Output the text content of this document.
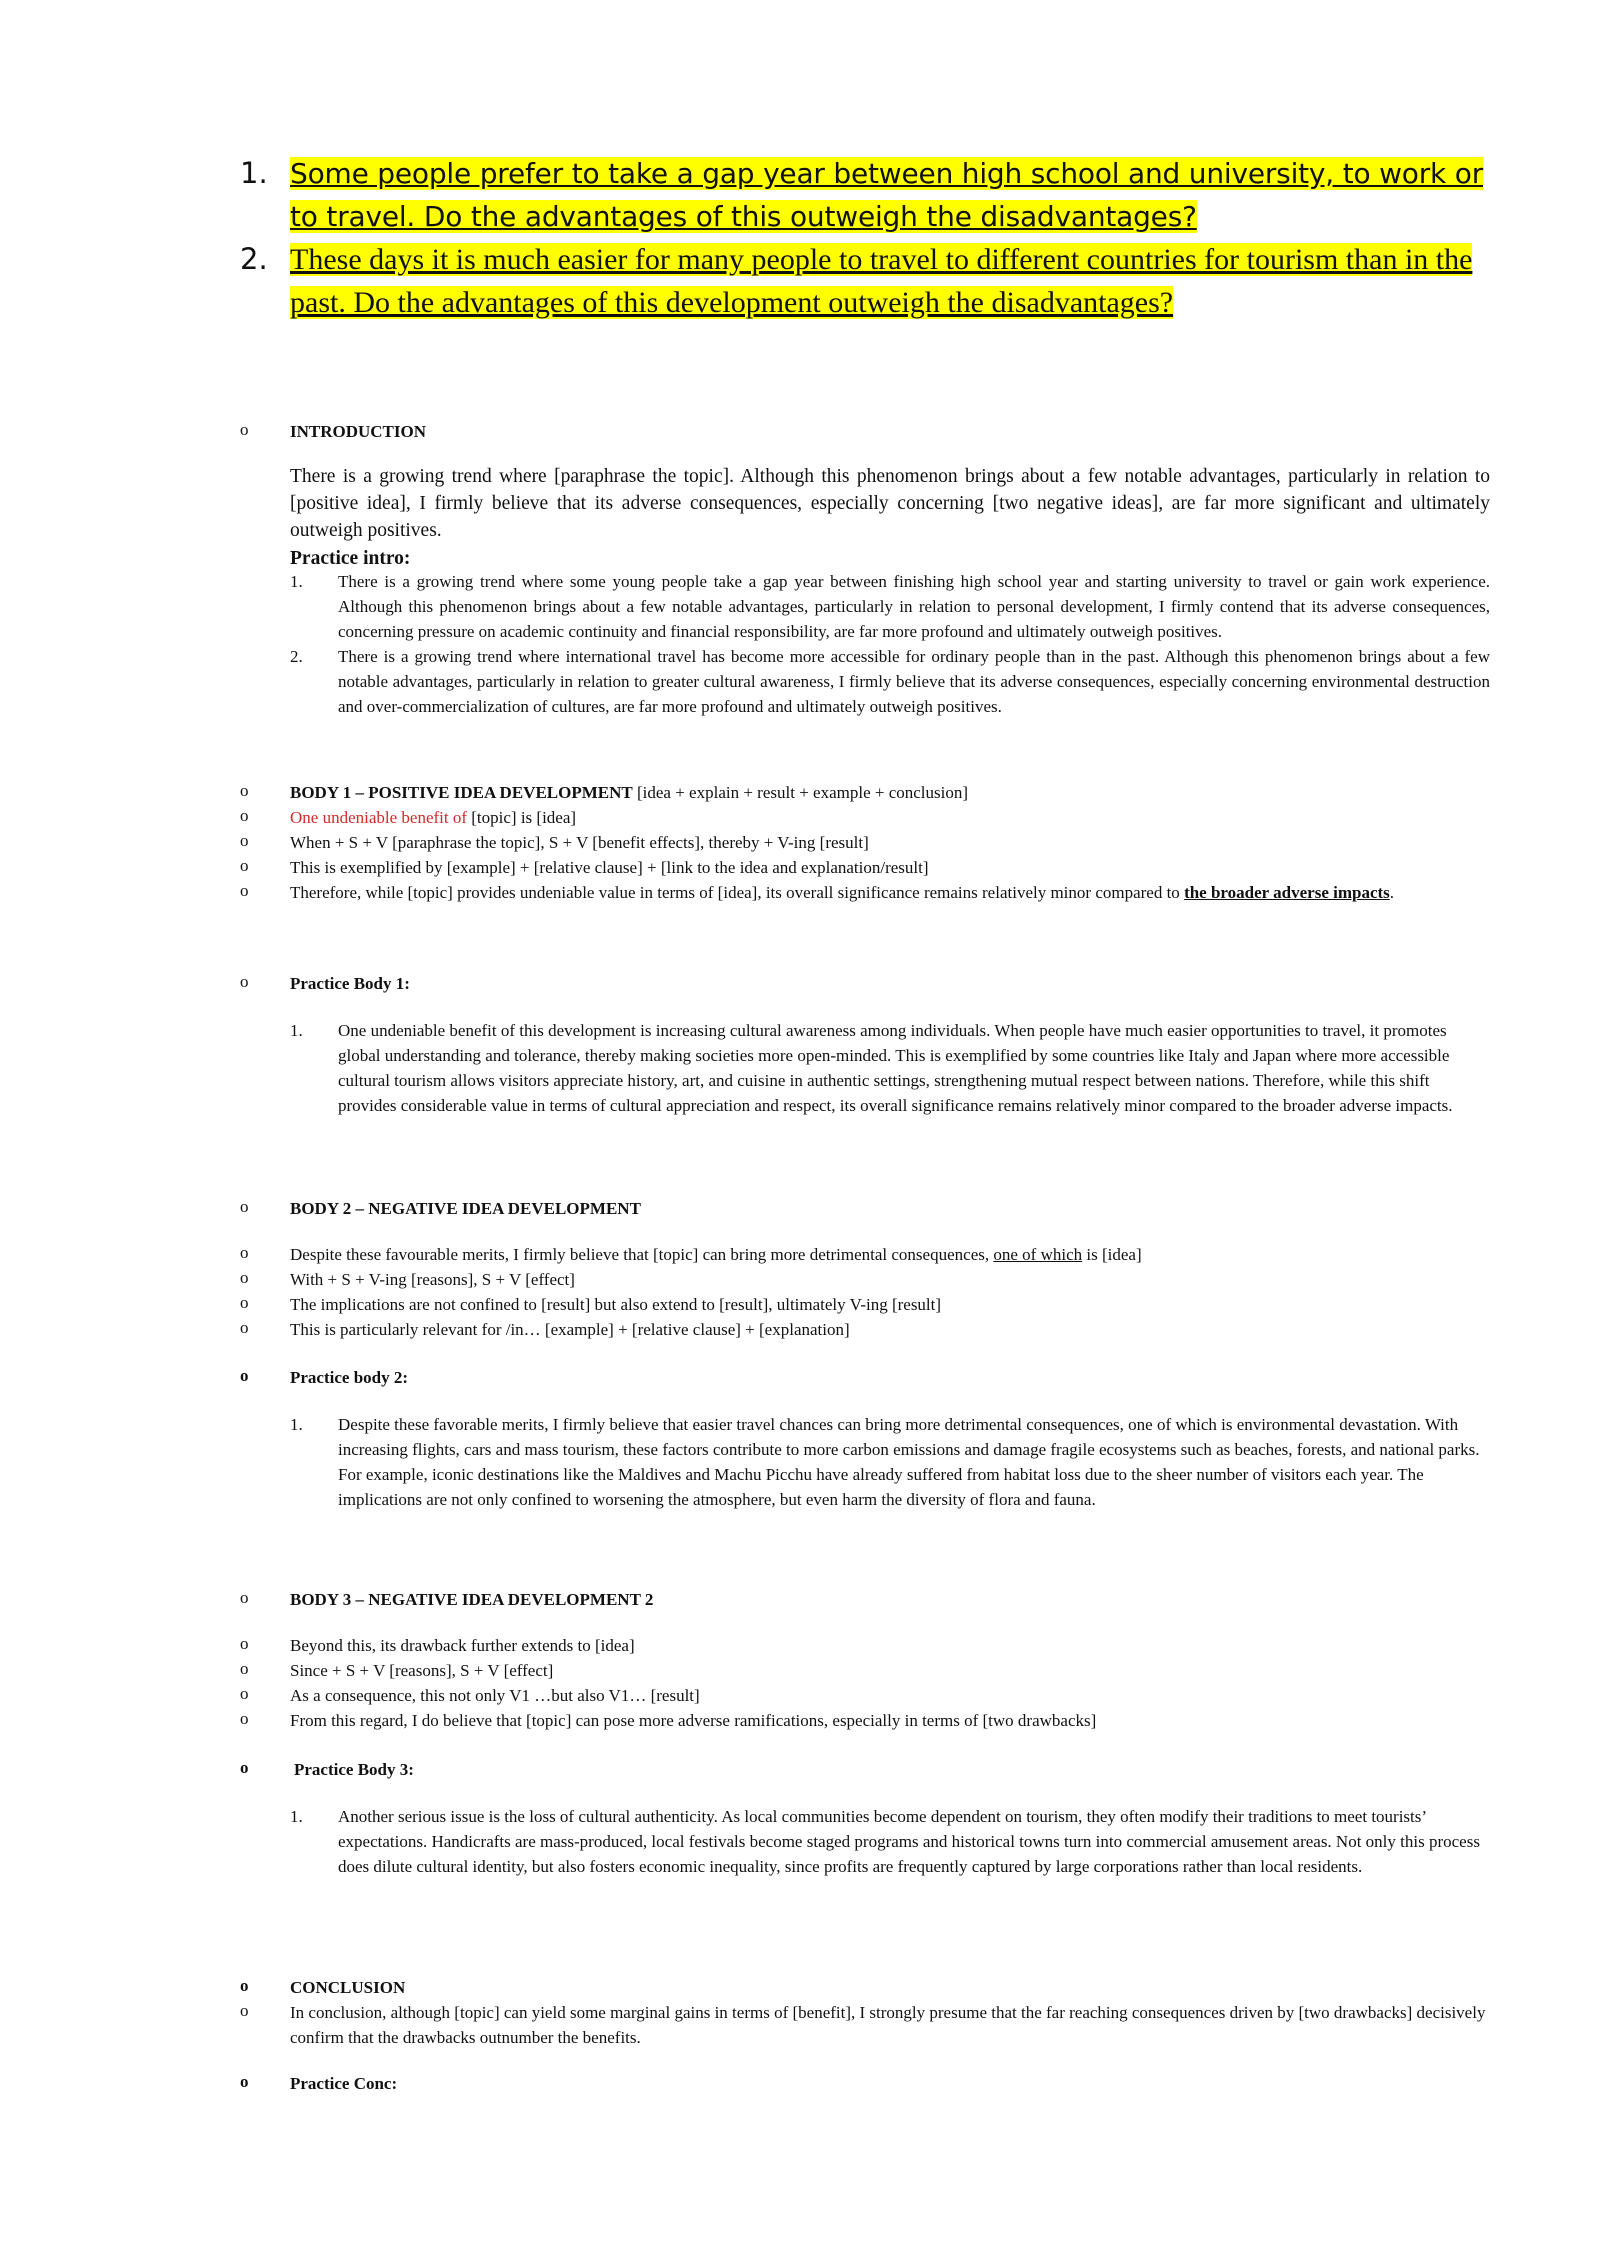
1. Some people prefer to take a gap year between high school and university, to work or to travel. Do the advantages of this outweigh the disadvantages?
2. These days it is much easier for many people to travel to different countries for tourism than in the past. Do the advantages of this development outweigh the disadvantages?
o INTRODUCTION
There is a growing trend where [paraphrase the topic]. Although this phenomenon brings about a few notable advantages, particularly in relation to [positive idea], I firmly believe that its adverse consequences, especially concerning [two negative ideas], are far more significant and ultimately outweigh positives.
Practice intro:
1.	There is a growing trend where some young people take a gap year between finishing high school year and starting university to travel or gain work experience. Although this phenomenon brings about a few notable advantages, particularly in relation to personal development, I firmly contend that its adverse consequences, concerning pressure on academic continuity and financial responsibility, are far more profound and ultimately outweigh positives.
2.	There is a growing trend where international travel has become more accessible for ordinary people than in the past. Although this phenomenon brings about a few notable advantages, particularly in relation to greater cultural awareness, I firmly believe that its adverse consequences, especially concerning environmental destruction and over-commercialization of cultures, are far more profound and ultimately outweigh positives.
o BODY 1 – POSITIVE IDEA DEVELOPMENT [idea + explain + result + example + conclusion]
o One undeniable benefit of [topic] is [idea]
o When + S + V [paraphrase the topic], S + V [benefit effects], thereby + V-ing [result]
o This is exemplified by [example] + [relative clause] + [link to the idea and explanation/result]
o Therefore, while [topic] provides undeniable value in terms of [idea], its overall significance remains relatively minor compared to the broader adverse impacts.
o Practice Body 1:
1.	One undeniable benefit of this development is increasing cultural awareness among individuals. When people have much easier opportunities to travel, it promotes global understanding and tolerance, thereby making societies more open-minded. This is exemplified by some countries like Italy and Japan where more accessible cultural tourism allows visitors appreciate history, art, and cuisine in authentic settings, strengthening mutual respect between nations. Therefore, while this shift provides considerable value in terms of cultural appreciation and respect, its overall significance remains relatively minor compared to the broader adverse impacts.
o BODY 2 – NEGATIVE IDEA DEVELOPMENT
o Despite these favourable merits, I firmly believe that [topic] can bring more detrimental consequences, one of which is [idea]
o With + S + V-ing [reasons], S + V [effect]
o The implications are not confined to [result] but also extend to [result], ultimately V-ing [result]
o This is particularly relevant for /in… [example] + [relative clause] + [explanation]
o Practice body 2:
1.	Despite these favorable merits, I firmly believe that easier travel chances can bring more detrimental consequences, one of which is environmental devastation. With increasing flights, cars and mass tourism, these factors contribute to more carbon emissions and damage fragile ecosystems such as beaches, forests, and national parks. For example, iconic destinations like the Maldives and Machu Picchu have already suffered from habitat loss due to the sheer number of visitors each year. The implications are not only confined to worsening the atmosphere, but even harm the diversity of flora and fauna.
o BODY 3 – NEGATIVE IDEA DEVELOPMENT 2
o Beyond this, its drawback further extends to [idea]
o Since + S + V [reasons], S + V [effect]
o As a consequence, this not only V1 …but also V1… [result]
o From this regard, I do believe that [topic] can pose more adverse ramifications, especially in terms of [two drawbacks]
o	Practice Body 3:
1.	Another serious issue is the loss of cultural authenticity. As local communities become dependent on tourism, they often modify their traditions to meet tourists’ expectations. Handicrafts are mass-produced, local festivals become staged programs and historical towns turn into commercial amusement areas. Not only this process does dilute cultural identity, but also fosters economic inequality, since profits are frequently captured by large corporations rather than local residents.
o CONCLUSION
o In conclusion, although [topic] can yield some marginal gains in terms of [benefit], I strongly presume that the far reaching consequences driven by [two drawbacks] decisively confirm that the drawbacks outnumber the benefits.
o Practice Conc:
